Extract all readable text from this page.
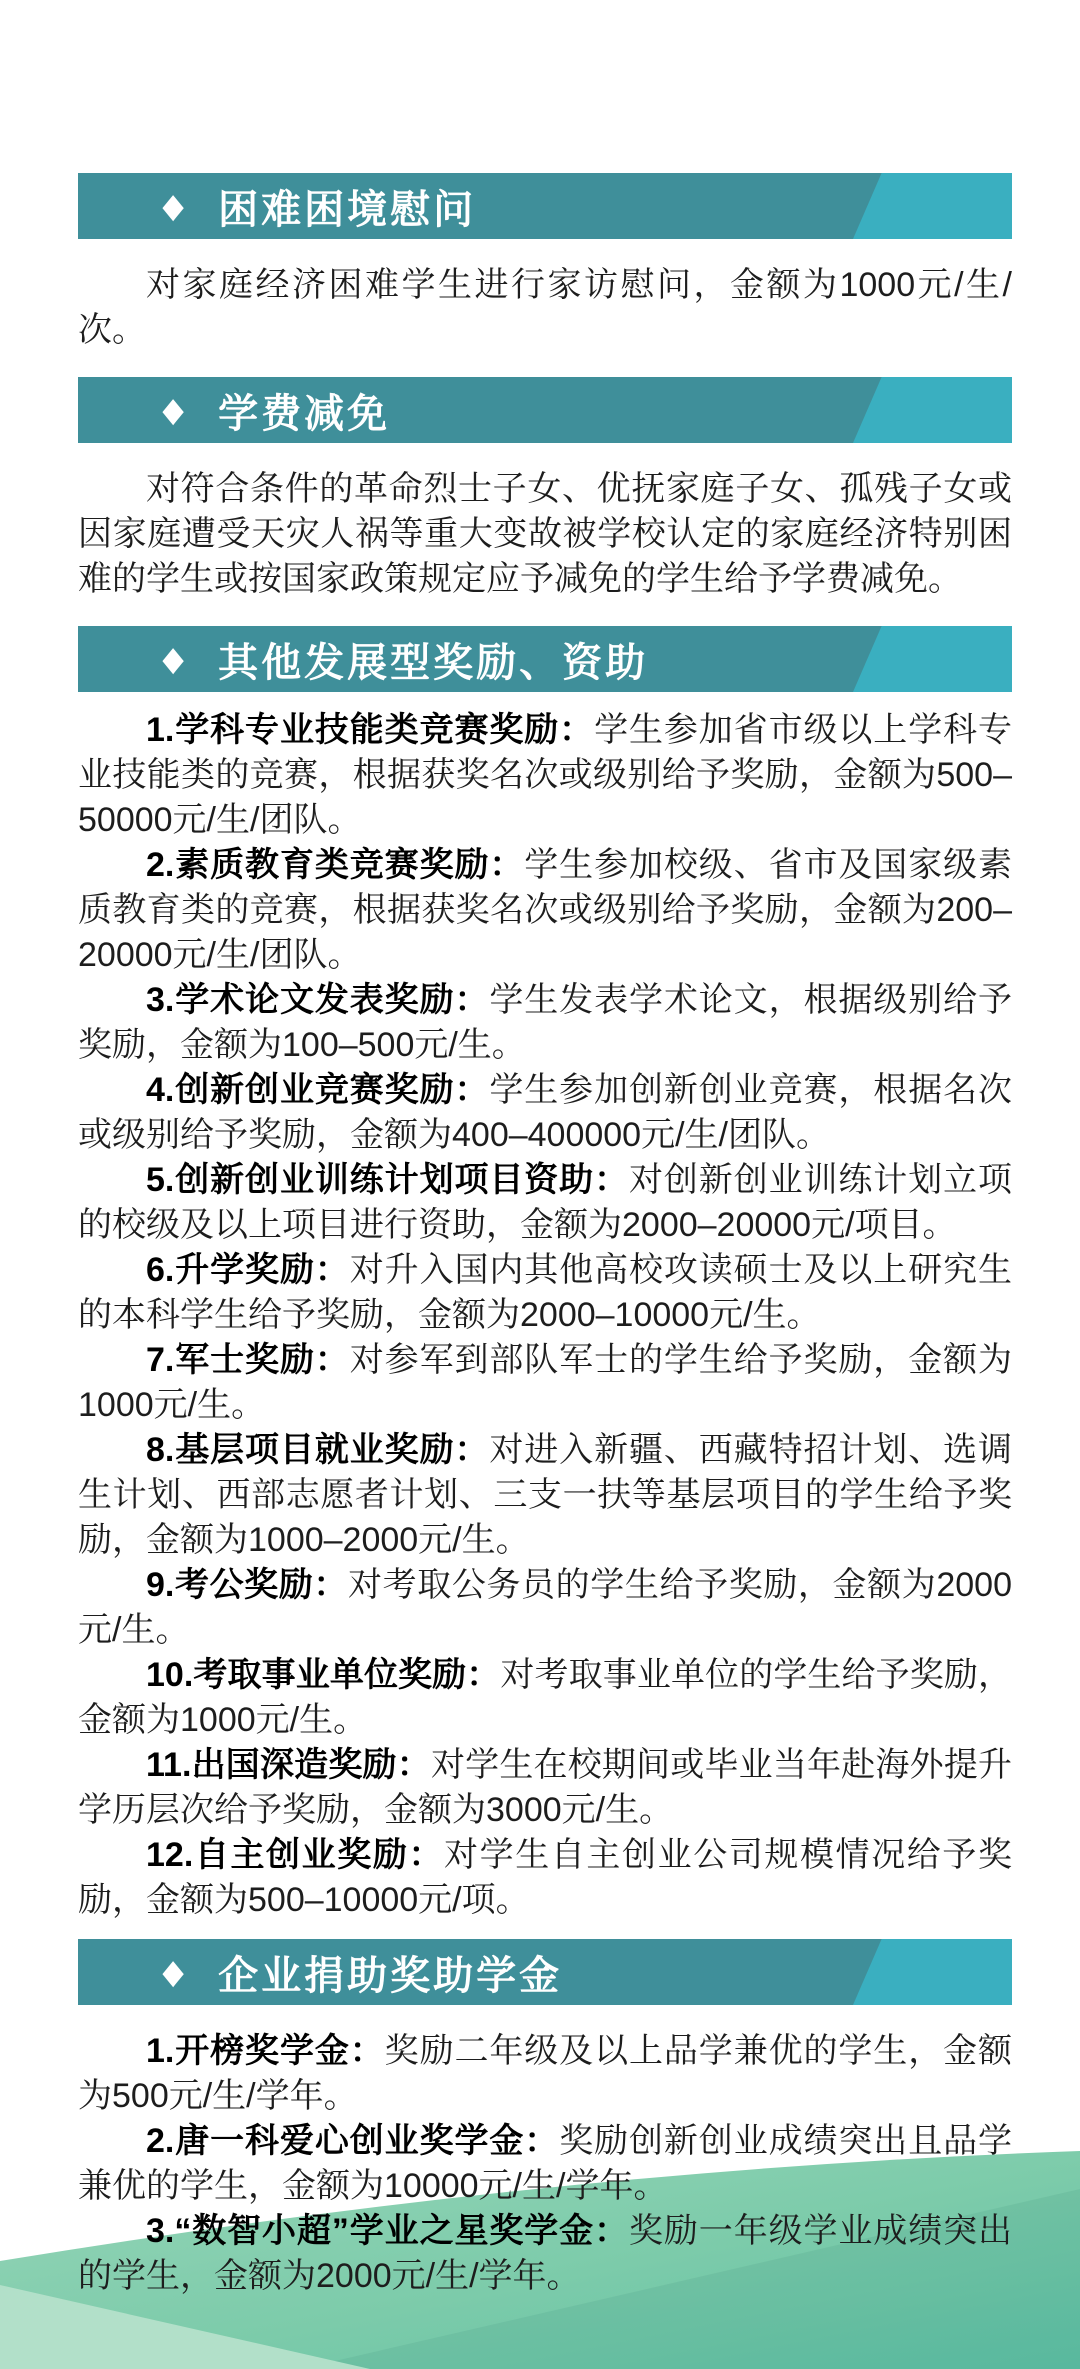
◆ 困难困境慰问

对家庭经济困难学生进行家访慰问，金额为1000元/生/次。

◆ 学费减免

对符合条件的革命烈士子女、优抚家庭子女、孤残子女或因家庭遭受天灾人祸等重大变故被学校认定的家庭经济特别困难的学生或按国家政策规定应予减免的学生给予学费减免。

◆ 其他发展型奖励、资助

1.学科专业技能类竞赛奖励：学生参加省市级以上学科专业技能类的竞赛，根据获奖名次或级别给予奖励，金额为500–50000元/生/团队。

2.素质教育类竞赛奖励：学生参加校级、省市及国家级素质教育类的竞赛，根据获奖名次或级别给予奖励，金额为200–20000元/生/团队。

3.学术论文发表奖励：学生发表学术论文，根据级别给予奖励，金额为100–500元/生。

4.创新创业竞赛奖励：学生参加创新创业竞赛，根据名次或级别给予奖励，金额为400–400000元/生/团队。

5.创新创业训练计划项目资助：对创新创业训练计划立项的校级及以上项目进行资助，金额为2000–20000元/项目。

6.升学奖励：对升入国内其他高校攻读硕士及以上研究生的本科学生给予奖励，金额为2000–10000元/生。

7.军士奖励：对参军到部队军士的学生给予奖励，金额为1000元/生。

8.基层项目就业奖励：对进入新疆、西藏特招计划、选调生计划、西部志愿者计划、三支一扶等基层项目的学生给予奖励，金额为1000–2000元/生。

9.考公奖励：对考取公务员的学生给予奖励，金额为2000元/生。

10.考取事业单位奖励：对考取事业单位的学生给予奖励，金额为1000元/生。

11.出国深造奖励：对学生在校期间或毕业当年赴海外提升学历层次给予奖励，金额为3000元/生。

12.自主创业奖励：对学生自主创业公司规模情况给予奖励，金额为500–10000元/项。

◆ 企业捐助奖助学金

1.开榜奖学金：奖励二年级及以上品学兼优的学生，金额为500元/生/学年。

2.唐一科爱心创业奖学金：奖励创新创业成绩突出且品学兼优的学生，金额为10000元/生/学年。

3.“数智小超”学业之星奖学金：奖励一年级学业成绩突出的学生，金额为2000元/生/学年。
